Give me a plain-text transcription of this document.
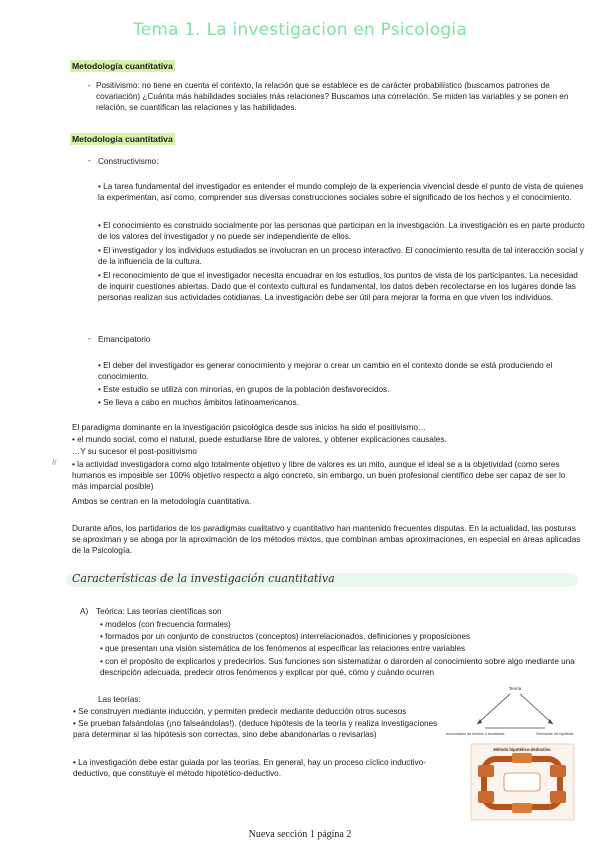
Tema 1. La investigacion en Psicologia
Metodología cuantitativa
- Positivismo: no tiene en cuenta el contexto, la relación que se establece es de carácter probabilístico (buscamos patrones de covariación) ¿Cuánta más habilidades sociales más relaciones? Buscamos una correlación. Se miden las variables y se ponen en relación, se cuantifican las relaciones y las habilidades.
Metodología cuantitativa
- Constructivismo:
• La tarea fundamental del investigador es entender el mundo complejo de la experiencia vivencial desde el punto de vista de quienes la experimentan, así como, comprender sus diversas construcciones sociales sobre el significado de los hechos y el conocimiento.
• El conocimiento es construido socialmente por las personas que participan en la investigación. La investigación es en parte producto de los valores del investigador y no puede ser independiente de ellos.
• El investigador y los individuos estudiados se involucran en un proceso interactivo. El conocimiento resulta de tal interacción social y de la influencia de la cultura.
• El reconocimiento de que el investigador necesita encuadrar en los estudios, los puntos de vista de los participantes. La necesidad de inquirir cuestiones abiertas. Dado que el contexto cultural es fundamental, los datos deben recolectarse en los lugares donde las personas realizan sus actividades cotidianas. La investigación debe ser útil para mejorar la forma en que viven los individuos.
- Emancipatorio
• El deber del investigador es generar conocimiento y mejorar o crear un cambio en el contexto donde se está produciendo el conocimiento.
• Este estudio se utiliza con minorías, en grupos de la población desfavorecidos.
• Se lleva a cabo en muchos ámbitos latinoamericanos.
El paradigma dominante en la investigación psicológica desde sus inicios ha sido el positivismo…
• el mundo social, como el natural, puede estudiarse libre de valores, y obtener explicaciones causales.
…Y su sucesor el post-positivismo
Ir • la actividad investigadora como algo totalmente objetivo y libre de valores es un mito, aunque el ideal se a la objetividad (como seres humanos es imposible ser 100% objetivo respecto a algo concreto, sin embargo, un buen profesional científico debe ser capaz de ser lo más imparcial posible)
Ambos se centran en la metodología cuantitativa.
Durante años, los partidarios de los paradigmas cualitativo y cuantitativo han mantenido frecuentes disputas. En la actualidad, las posturas se aproximan y se aboga por la aproximación de los métodos mixtos, que combinan ambas aproximaciones, en especial en áreas aplicadas de la Psicología.
Características de la investigación cuantitativa
A) Teórica: Las teorías científicas son
• modelos (con frecuencia formales)
• formados por un conjunto de constructos (conceptos) interrelacionados, definiciones y proposiciones
• que presentan una visión sistemática de los fenómenos al especificar las relaciones entre variables
• con el propósito de explicarlos y predecirlos. Sus funciones son sistematizar o darorden al conocimiento sobre algo mediante una descripción adecuada, predecir otros fenómenos y explicar por qué, cómo y cuándo ocurren
Las teorías:
• Se construyen mediante inducción, y permiten predecir mediante deducción otros sucesos
• Se prueban falsándolas (¡no falseándolas!). (deduce hipótesis de la teoría y realiza investigaciones para determinar si las hipótesis son correctas, sino debe abandonarlas o revisarlas)
• La investigación debe estar guiada por las teorías. En general, hay un proceso cíclico inductivo-deductivo, que constituye el método hipotético-deductivo.
Teoría
Acumulación de hechos o resultados	Derivación de hipótesis
Método hipotético-deductivo
Nueva sección 1 página 2
